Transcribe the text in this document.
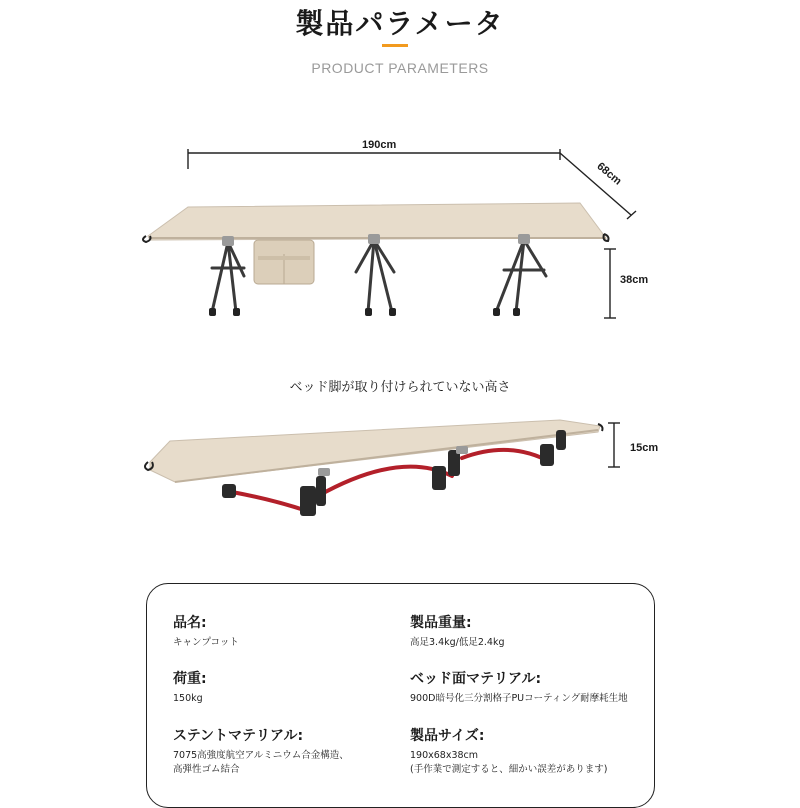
製品パラメータ
PRODUCT PARAMETERS
190cm
68cm
38cm
ベッド脚が取り付けられていない高さ
15cm
品名:
キャンプコット
製品重量:
高足3.4kg/低足2.4kg
荷重:
150kg
ベッド面マテリアル:
900D暗号化三分割格子PUコーティング耐摩耗生地
ステントマテリアル:
7075高強度航空アルミニウム合金構造、
高弾性ゴム結合
製品サイズ:
190x68x38cm
(手作業で測定すると、細かい誤差があります)
